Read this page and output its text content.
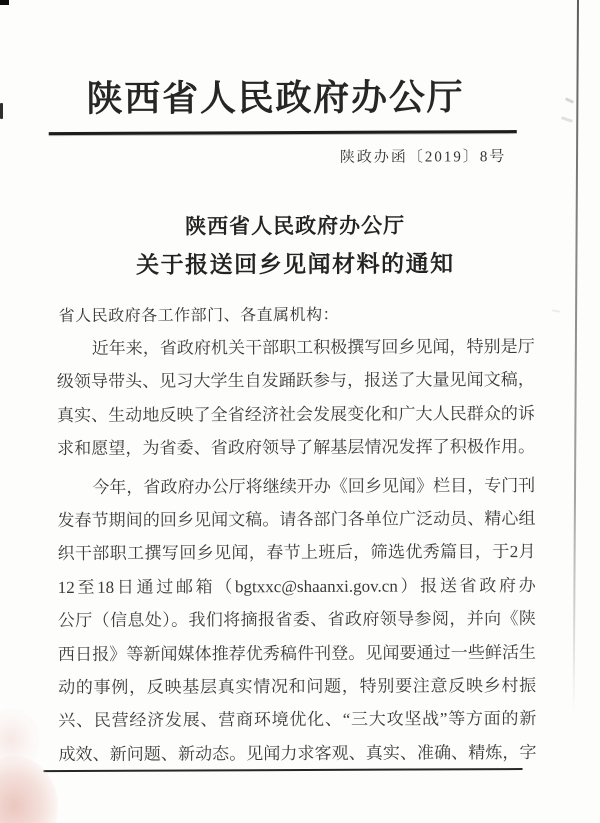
陕西省人民政府办公厅
陕政办函〔2019〕8号
陕西省人民政府办公厅
关于报送回乡见闻材料的通知
省人民政府各工作部门、各直属机构：
近年来，省政府机关干部职工积极撰写回乡见闻，特别是厅
级领导带头、见习大学生自发踊跃参与，报送了大量见闻文稿，
真实、生动地反映了全省经济社会发展变化和广大人民群众的诉
求和愿望，为省委、省政府领导了解基层情况发挥了积极作用。
今年，省政府办公厅将继续开办《回乡见闻》栏目，专门刊
发春节期间的回乡见闻文稿。请各部门各单位广泛动员、精心组
织干部职工撰写回乡见闻，春节上班后，筛选优秀篇目，于2月
12至18日通过邮箱（bgtxxc@shaanxi.gov.cn）报送省政府办
公厅（信息处）。我们将摘报省委、省政府领导参阅，并向《陕
西日报》等新闻媒体推荐优秀稿件刊登。见闻要通过一些鲜活生
动的事例，反映基层真实情况和问题，特别要注意反映乡村振
兴、民营经济发展、营商环境优化、“三大攻坚战”等方面的新
成效、新问题、新动态。见闻力求客观、真实、准确、精炼，字
